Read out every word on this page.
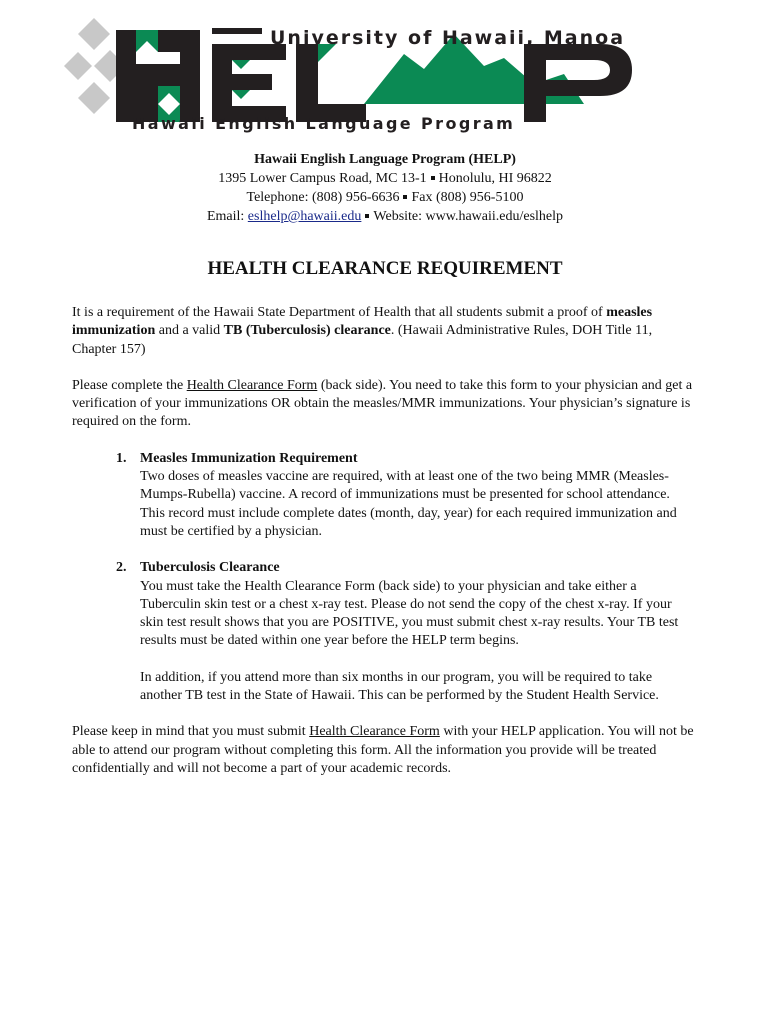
University of Hawaii, Manoa
Hawaii English Language Program
Hawaii English Language Program (HELP)
1395 Lower Campus Road, MC 13-1 Honolulu, HI 96822
Telephone: (808) 956-6636 Fax (808) 956-5100
Email: eslhelp@hawaii.edu Website: www.hawaii.edu/eslhelp
HEALTH CLEARANCE REQUIREMENT

It is a requirement of the Hawaii State Department of Health that all students submit a proof of measles immunization and a valid TB (Tuberculosis) clearance. (Hawaii Administrative Rules, DOH Title 11, Chapter 157)

Please complete the Health Clearance Form (back side). You need to take this form to your physician and get a verification of your immunizations OR obtain the measles/MMR immunizations. Your physician’s signature is required on the form.

1. Measles Immunization Requirement
Two doses of measles vaccine are required, with at least one of the two being MMR (Measles-Mumps-Rubella) vaccine. A record of immunizations must be presented for school attendance. This record must include complete dates (month, day, year) for each required immunization and must be certified by a physician.
2. Tuberculosis Clearance
You must take the Health Clearance Form (back side) to your physician and take either a Tuberculin skin test or a chest x-ray test. Please do not send the copy of the chest x-ray. If your skin test result shows that you are POSITIVE, you must submit chest x-ray results. Your TB test results must be dated within one year before the HELP term begins.
In addition, if you attend more than six months in our program, you will be required to take another TB test in the State of Hawaii. This can be performed by the Student Health Service.

Please keep in mind that you must submit Health Clearance Form with your HELP application. You will not be able to attend our program without completing this form. All the information you provide will be treated confidentially and will not become a part of your academic records.
